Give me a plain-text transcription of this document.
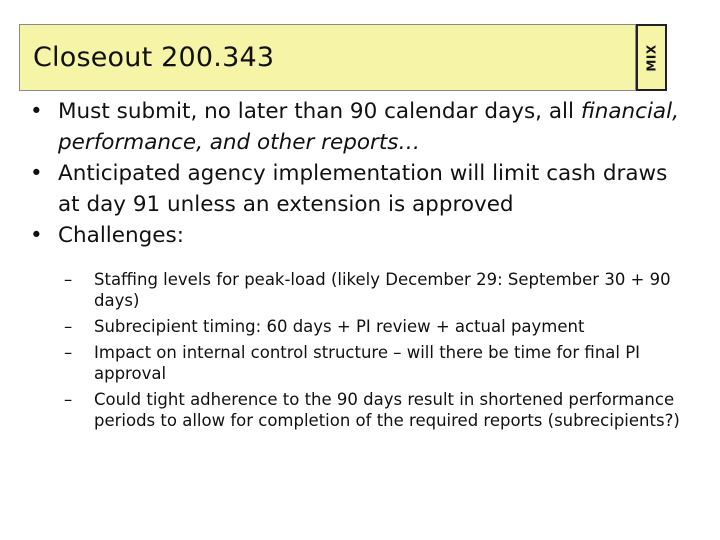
Closeout 200.343	MIX
• Must submit, no later than 90 calendar days, all financial, performance, and other reports…
• Anticipated agency implementation will limit cash draws at day 91 unless an extension is approved
• Challenges:
– Staffing levels for peak-load (likely December 29: September 30 + 90 days)
– Subrecipient timing: 60 days + PI review + actual payment
– Impact on internal control structure – will there be time for final PI approval
– Could tight adherence to the 90 days result in shortened performance periods to allow for completion of the required reports (subrecipients?)
